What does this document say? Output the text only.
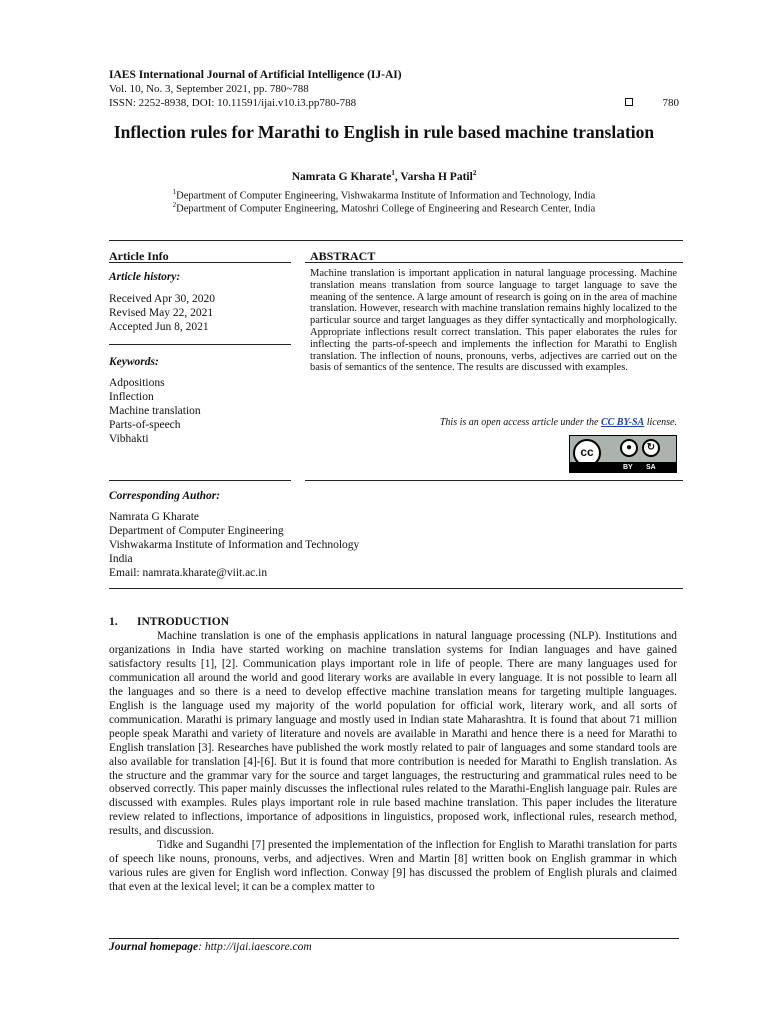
IAES International Journal of Artificial Intelligence (IJ-AI)
Vol. 10, No. 3, September 2021, pp. 780~788
ISSN: 2252-8938, DOI: 10.11591/ijai.v10.i3.pp780-788	780
Inflection rules for Marathi to English in rule based machine translation
Namrata G Kharate$^1$, Varsha H Patil$^2$
$^1$Department of Computer Engineering, Vishwakarma Institute of Information and Technology, India
$^2$Department of Computer Engineering, Matoshri College of Engineering and Research Center, India
Article Info
Article history:
Received Apr 30, 2020
Revised May 22, 2021
Accepted Jun 8, 2021
Keywords:
Adpositions
Inflection
Machine translation
Parts-of-speech
Vibhakti
ABSTRACT
Machine translation is important application in natural language processing. Machine translation means translation from source language to target language to save the meaning of the sentence. A large amount of research is going on in the area of machine translation. However, research with machine translation remains highly localized to the particular source and target languages as they differ syntactically and morphologically. Appropriate inflections result correct translation. This paper elaborates the rules for inflecting the parts-of-speech and implements the inflection for Marathi to English translation. The inflection of nouns, pronouns, verbs, adjectives are carried out on the basis of semantics of the sentence. The results are discussed with examples.
This is an open access article under the CC BY-SA license.
cc	●	↻
BY SA
Corresponding Author:
Namrata G Kharate
Department of Computer Engineering
Vishwakarma Institute of Information and Technology
India
Email: namrata.kharate@viit.ac.in
1. INTRODUCTION

Machine translation is one of the emphasis applications in natural language processing (NLP). Institutions and organizations in India have started working on machine translation systems for Indian languages and have gained satisfactory results [1], [2]. Communication plays important role in life of people. There are many languages used for communication all around the world and good literary works are available in every language. It is not possible to learn all the languages and so there is a need to develop effective machine translation means for targeting multiple languages. English is the language used my majority of the world population for official work, literary work, and all sorts of communication. Marathi is primary language and mostly used in Indian state Maharashtra. It is found that about 71 million people speak Marathi and variety of literature and novels are available in Marathi and hence there is a need for Marathi to English translation [3]. Researches have published the work mostly related to pair of languages and some standard tools are also available for translation [4]-[6]. But it is found that more contribution is needed for Marathi to English translation. As the structure and the grammar vary for the source and target languages, the restructuring and grammatical rules need to be observed correctly. This paper mainly discusses the inflectional rules related to the Marathi-English language pair. Rules are discussed with examples. Rules plays important role in rule based machine translation. This paper includes the literature review related to inflections, importance of adpositions in linguistics, proposed work, inflectional rules, research method, results, and discussion.

Tidke and Sugandhi [7] presented the implementation of the inflection for English to Marathi translation for parts of speech like nouns, pronouns, verbs, and adjectives. Wren and Martin [8] written book on English grammar in which various rules are given for English word inflection. Conway [9] has discussed the problem of English plurals and claimed that even at the lexical level; it can be a complex matter to

Journal homepage: http://ijai.iaescore.com
